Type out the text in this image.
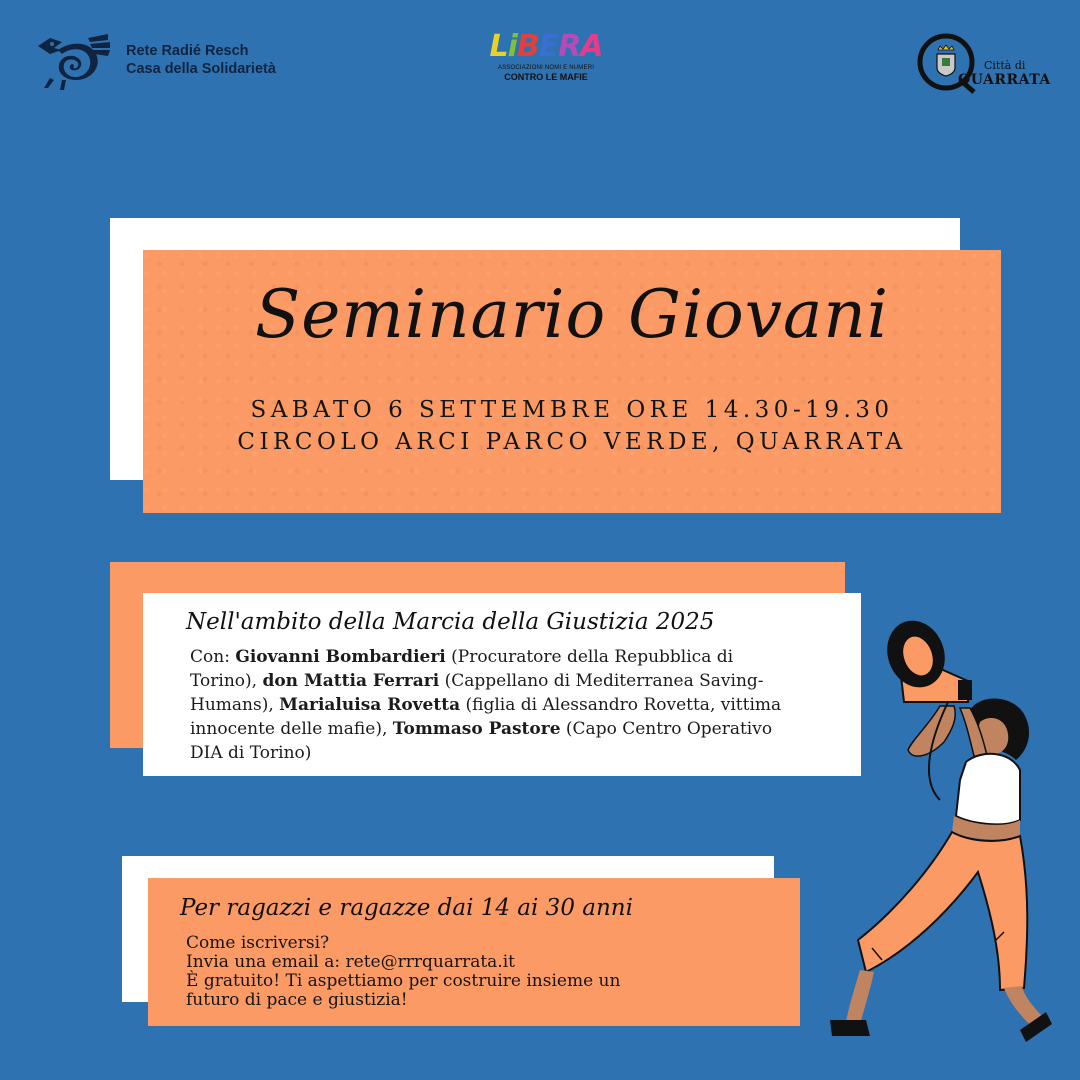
Rete Radié Resch
Casa della Solidarietà
LiBERA
ASSOCIAZIONI NOMI E NUMERI
CONTRO LE MAFIE
Città di
QUARRATA
Seminario Giovani
SABATO 6 SETTEMBRE ORE 14.30-19.30
CIRCOLO ARCI PARCO VERDE, QUARRATA
Nell'ambito della Marcia della Giustizia 2025
Con: Giovanni Bombardieri (Procuratore della Repubblica di Torino), don Mattia Ferrari (Cappellano di Mediterranea Saving-Humans), Marialuisa Rovetta (figlia di Alessandro Rovetta, vittima innocente delle mafie), Tommaso Pastore (Capo Centro Operativo DIA di Torino)
Per ragazzi e ragazze dai 14 ai 30 anni
Come iscriversi?
Invia una email a: rete@rrrquarrata.it
È gratuito! Ti aspettiamo per costruire insieme un
futuro di pace e giustizia!
